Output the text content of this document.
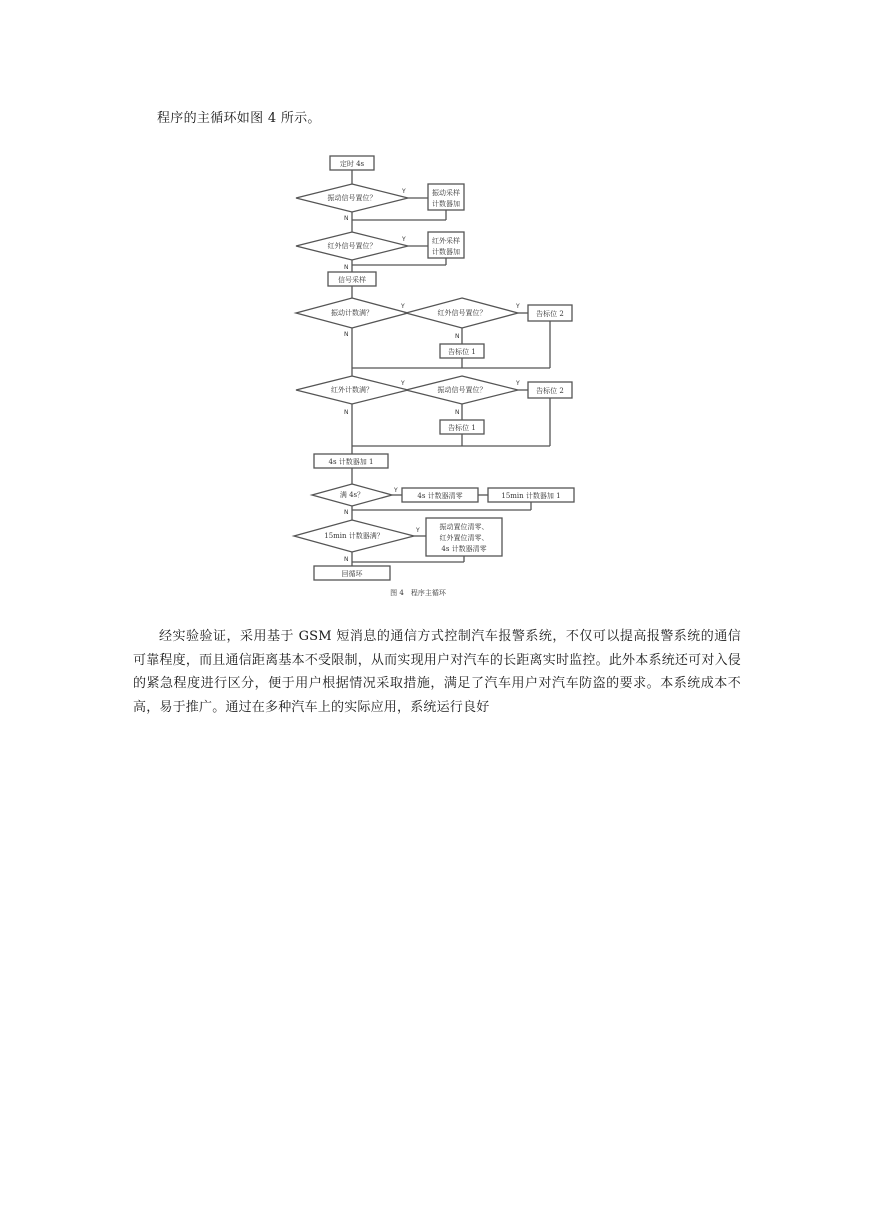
程序的主循环如图 4 所示。
定时 4s
振动信号置位？
振动采样
计数器加
红外信号置位？
红外采样
计数器加
信号采样
振动计数满？	红外信号置位？	告标位 2
告标位 1
红外计数满？	振动信号置位？	告标位 2
告标位 1
4s 计数器加 1
满 4s？	4s 计数器清零	15min 计数器加 1
15min 计数器满？
振动置位清零、
红外置位清零、
4s 计数器清零
回循环
Y
N
Y
N
Y	Y
N
N
Y	Y
N
N
Y
N
Y
N
图 4　程序主循环
经实验验证，采用基于 GSM 短消息的通信方式控制汽车报警系统，不仅可以提高报警系统的通信可靠程度，而且通信距离基本不受限制，从而实现用户对汽车的长距离实时监控。此外本系统还可对入侵的紧急程度进行区分，便于用户根据情况采取措施，满足了汽车用户对汽车防盗的要求。本系统成本不高，易于推广。通过在多种汽车上的实际应用，系统运行良好
